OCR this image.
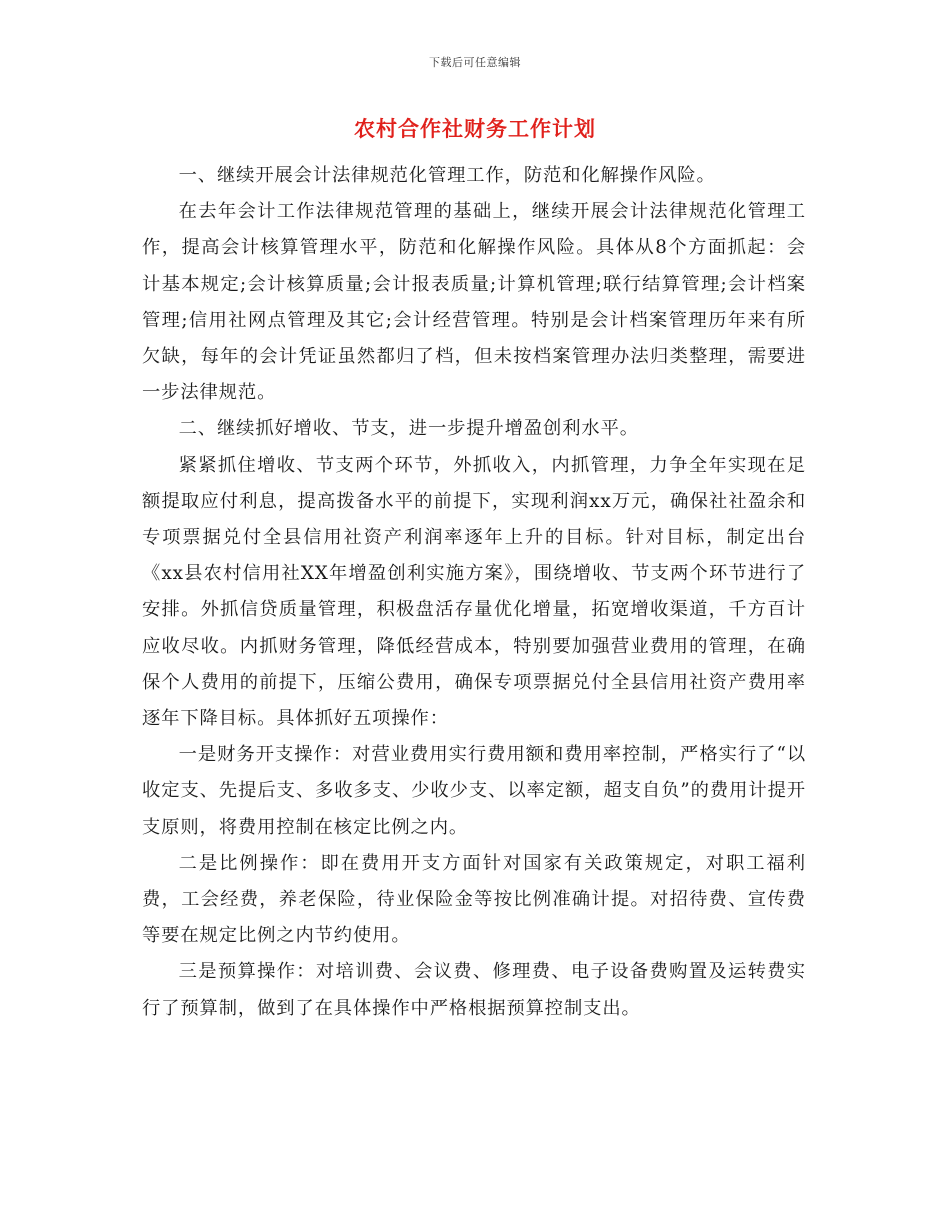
下载后可任意编辑
农村合作社财务工作计划

一、继续开展会计法律规范化管理工作，防范和化解操作风险。

在去年会计工作法律规范管理的基础上，继续开展会计法律规范化管理工作，提高会计核算管理水平，防范和化解操作风险。具体从8个方面抓起：会计基本规定;会计核算质量;会计报表质量;计算机管理;联行结算管理;会计档案管理;信用社网点管理及其它;会计经营管理。特别是会计档案管理历年来有所欠缺，每年的会计凭证虽然都归了档，但未按档案管理办法归类整理，需要进一步法律规范。

二、继续抓好增收、节支，进一步提升增盈创利水平。

紧紧抓住增收、节支两个环节，外抓收入，内抓管理，力争全年实现在足额提取应付利息，提高拨备水平的前提下，实现利润xx万元，确保社社盈余和专项票据兑付全县信用社资产利润率逐年上升的目标。针对目标，制定出台《xx县农村信用社XX年增盈创利实施方案》，围绕增收、节支两个环节进行了安排。外抓信贷质量管理，积极盘活存量优化增量，拓宽增收渠道，千方百计应收尽收。内抓财务管理，降低经营成本，特别要加强营业费用的管理，在确保个人费用的前提下，压缩公费用，确保专项票据兑付全县信用社资产费用率逐年下降目标。具体抓好五项操作：

一是财务开支操作：对营业费用实行费用额和费用率控制，严格实行了“以收定支、先提后支、多收多支、少收少支、以率定额，超支自负”的费用计提开支原则，将费用控制在核定比例之内。

二是比例操作：即在费用开支方面针对国家有关政策规定，对职工福利费，工会经费，养老保险，待业保险金等按比例准确计提。对招待费、宣传费等要在规定比例之内节约使用。

三是预算操作：对培训费、会议费、修理费、电子设备费购置及运转费实行了预算制，做到了在具体操作中严格根据预算控制支出。
